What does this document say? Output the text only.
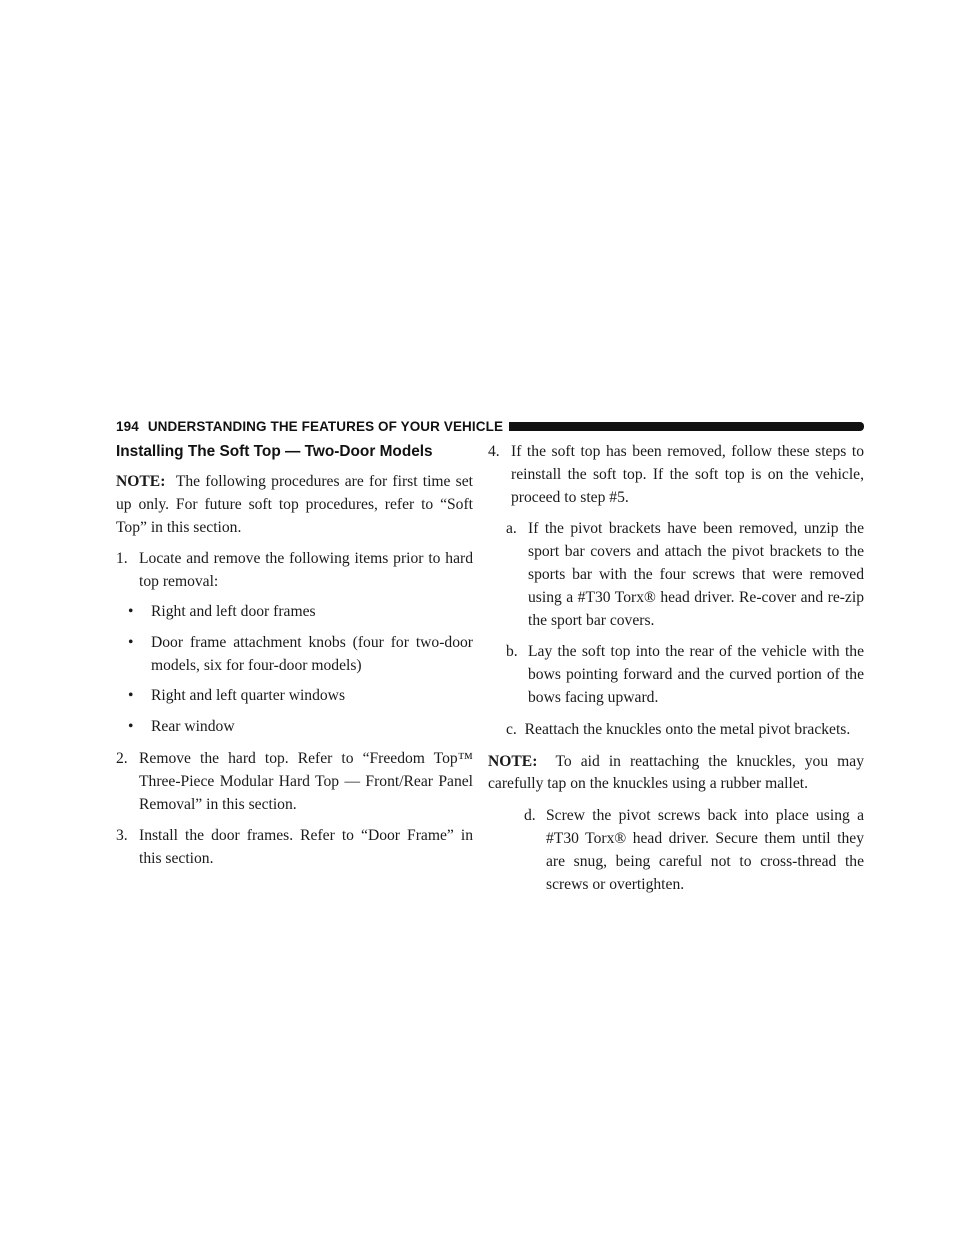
194 UNDERSTANDING THE FEATURES OF YOUR VEHICLE
Installing The Soft Top — Two-Door Models

NOTE: The following procedures are for first time set up only. For future soft top procedures, refer to “Soft Top” in this section.

1. Locate and remove the following items prior to hard top removal:

•	Right and left door frames

•	Door frame attachment knobs (four for two-door models, six for four-door models)

•	Right and left quarter windows

•	Rear window

2. Remove the hard top. Refer to “Freedom Top™ Three-Piece Modular Hard Top — Front/Rear Panel Removal” in this section.

3. Install the door frames. Refer to “Door Frame” in this section.

4. If the soft top has been removed, follow these steps to reinstall the soft top. If the soft top is on the vehicle, proceed to step #5.

a. If the pivot brackets have been removed, unzip the sport bar covers and attach the pivot brackets to the sports bar with the four screws that were removed using a #T30 Torx® head driver. Re-cover and re-zip the sport bar covers.

b. Lay the soft top into the rear of the vehicle with the bows pointing forward and the curved portion of the bows facing upward.

c. Reattach the knuckles onto the metal pivot brackets.

NOTE: To aid in reattaching the knuckles, you may carefully tap on the knuckles using a rubber mallet.

d. Screw the pivot screws back into place using a #T30 Torx® head driver. Secure them until they are snug, being careful not to cross-thread the screws or overtighten.
